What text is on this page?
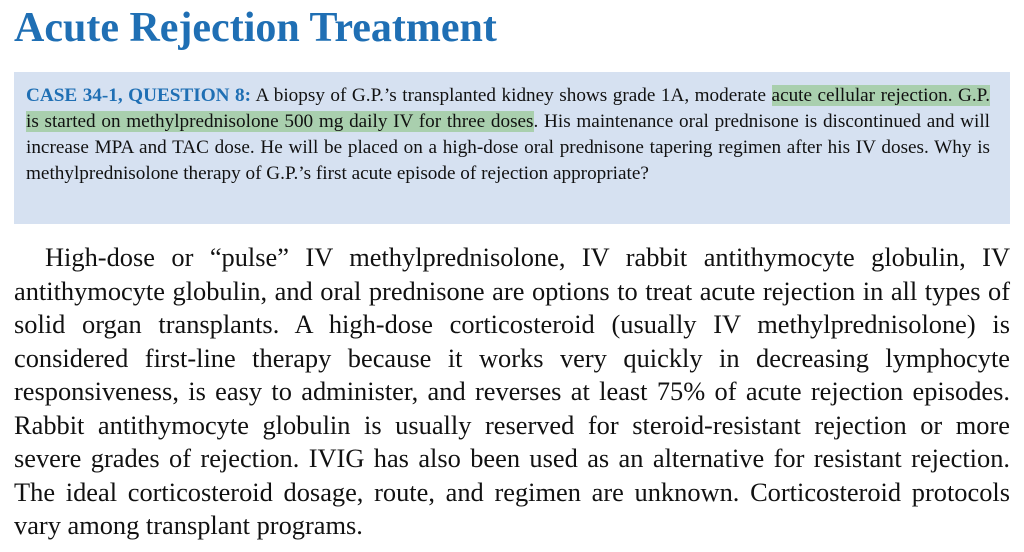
Acute Rejection Treatment
CASE 34-1, QUESTION 8: A biopsy of G.P.’s transplanted kidney shows grade 1A, moderate acute cellular rejection. G.P. is started on methylprednisolone 500 mg daily IV for three doses. His maintenance oral prednisone is discontinued and will increase MPA and TAC dose. He will be placed on a high-dose oral prednisone tapering regimen after his IV doses. Why is methylprednisolone therapy of G.P.’s first acute episode of rejection appropriate?

High-dose or “pulse” IV methylprednisolone, IV rabbit antithymocyte globulin, IV antithymocyte globulin, and oral prednisone are options to treat acute rejection in all types of solid organ transplants. A high-dose corticosteroid (usually IV methylprednisolone) is considered first-line therapy because it works very quickly in decreasing lymphocyte responsiveness, is easy to administer, and reverses at least 75% of acute rejection episodes. Rabbit antithymocyte globulin is usually reserved for steroid-resistant rejection or more severe grades of rejection. IVIG has also been used as an alternative for resistant rejection. The ideal corticosteroid dosage, route, and regimen are unknown. Corticosteroid protocols vary among transplant programs.
